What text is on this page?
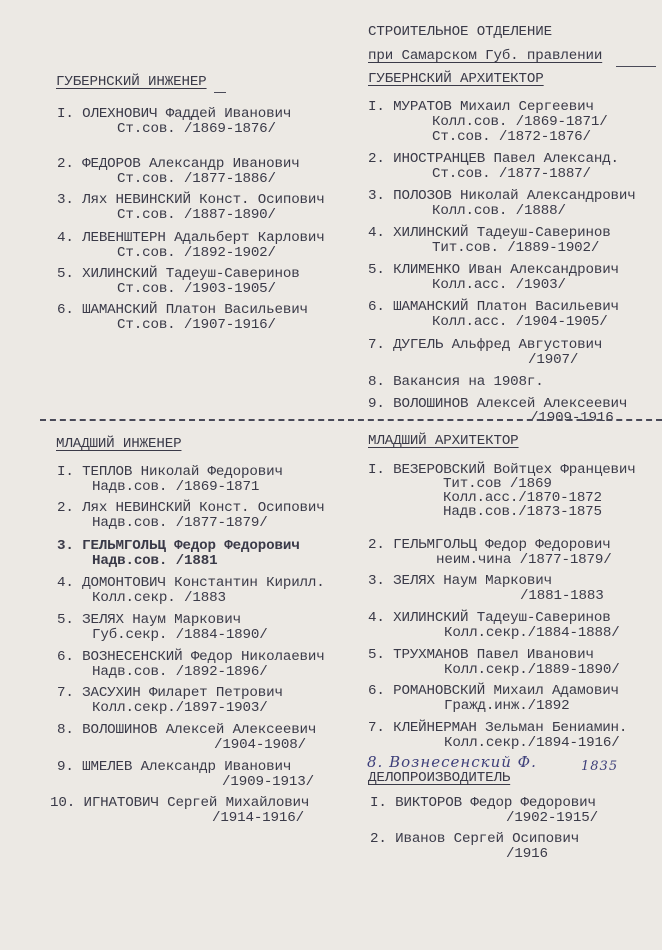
СТРОИТЕЛЬНОЕ ОТДЕЛЕНИЕ
при Самарском Губ. правлении
ГУБЕРНСКИЙ ИНЖЕНЕР
I. ОЛЕХНОВИЧ Фаддей Иванович
Ст.сов. /1869-1876/
2. ФЕДОРОВ Александр Иванович
Ст.сов. /1877-1886/
3. Лях НЕВИНСКИЙ Конст. Осипович
Ст.сов. /1887-1890/
4. ЛЕВЕНШТЕРН Адальберт Карлович
Ст.сов. /1892-1902/
5. ХИЛИНСКИЙ Тадеуш-Саверинов
Ст.сов. /1903-1905/
6. ШАМАНСКИЙ Платон Васильевич
Ст.сов. /1907-1916/
ГУБЕРНСКИЙ АРХИТЕКТОР
I. МУРАТОВ Михаил Сергеевич
Колл.сов. /1869-1871/
Ст.сов. /1872-1876/
2. ИНОСТРАНЦЕВ Павел Александ.
Ст.сов. /1877-1887/
3. ПОЛОЗОВ Николай Александрович
Колл.сов. /1888/
4. ХИЛИНСКИЙ Тадеуш-Саверинов
Тит.сов. /1889-1902/
5. КЛИМЕНКО Иван Александрович
Колл.асс. /1903/
6. ШАМАНСКИЙ Платон Васильевич
Колл.асс. /1904-1905/
7. ДУГЕЛЬ Альфред Августович
/1907/
8. Вакансия на 1908г.
9. ВОЛОШИНОВ Алексей Алексеевич
/1909-1916
МЛАДШИЙ ИНЖЕНЕР
I. ТЕПЛОВ Николай Федорович
Надв.сов. /1869-1871
2. Лях НЕВИНСКИЙ Конст. Осипович
Надв.сов. /1877-1879/
3. ГЕЛЬМГОЛЬЦ Федор Федорович
Надв.сов. /1881
4. ДОМОНТОВИЧ Константин Кирилл.
Колл.секр. /1883
5. ЗЕЛЯХ Наум Маркович
Губ.секр. /1884-1890/
6. ВОЗНЕСЕНСКИЙ Федор Николаевич
Надв.сов. /1892-1896/
7. ЗАСУХИН Филарет Петрович
Колл.секр./1897-1903/
8. ВОЛОШИНОВ Алексей Алексеевич
/1904-1908/
9. ШМЕЛЕВ Александр Иванович
/1909-1913/
10. ИГНАТОВИЧ Сергей Михайлович
/1914-1916/
МЛАДШИЙ АРХИТЕКТОР
I. ВЕЗЕРОВСКИЙ Войтцех Францевич
Тит.сов /1869
Колл.асс./1870-1872
Надв.сов./1873-1875
2. ГЕЛЬМГОЛЬЦ Федор Федорович
неим.чина /1877-1879/
3. ЗЕЛЯХ Наум Маркович
/1881-1883
4. ХИЛИНСКИЙ Тадеуш-Саверинов
Колл.секр./1884-1888/
5. ТРУХМАНОВ Павел Иванович
Колл.секр./1889-1890/
6. РОМАНОВСКИЙ Михаил Адамович
Гражд.инж./1892
7. КЛЕЙНЕРМАН Зельман Бениамин.
Колл.секр./1894-1916/
8. Вознесенский Ф.	1835
ДЕЛОПРОИЗВОДИТЕЛЬ
I. ВИКТОРОВ Федор Федорович
/1902-1915/
2. Иванов Сергей Осипович
/1916
